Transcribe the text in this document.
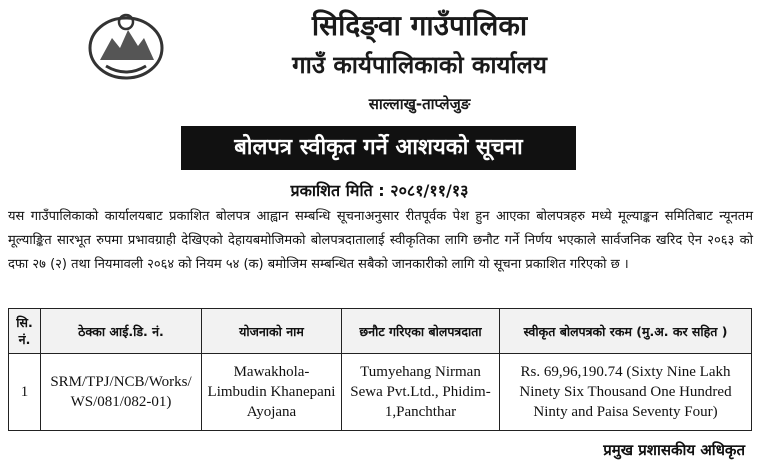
सिदिङ्वा गाउँपालिका
गाउँ कार्यपालिकाको कार्यालय
साल्लाखु-ताप्लेजुङ
बोलपत्र स्वीकृत गर्ने आशयको सूचना
प्रकाशित मिति : २०८१/११/१३
यस गाउँपालिकाको कार्यालयबाट प्रकाशित बोलपत्र आह्वान सम्बन्धि सूचनाअनुसार रीतपूर्वक पेश हुन आएका बोलपत्रहरु मध्ये मूल्याङ्कन समितिबाट न्यूनतम मूल्याङ्कित सारभूत रुपमा प्रभावग्राही देखिएको देहायबमोजिमको बोलपत्रदातालाई स्वीकृतिका लागि छनौट गर्ने निर्णय भएकाले सार्वजनिक खरिद ऐन २०६३ को दफा २७ (२) तथा नियमावली २०६४ को नियम ५४ (क) बमोजिम सम्बन्धित सबैको जानकारीको लागि यो सूचना प्रकाशित गरिएको छ ।
सि. नं.	ठेक्का आई.डि. नं.	योजनाको नाम	छनौट गरिएका बोलपत्रदाता	स्वीकृत बोलपत्रको रकम (मु.अ. कर सहित )
1	SRM/TPJ/NCB/Works/ WS/081/082-01)	Mawakhola- Limbudin Khanepani Ayojana	Tumyehang Nirman Sewa Pvt.Ltd., Phidim-1,Panchthar	Rs. 69,96,190.74 (Sixty Nine Lakh Ninety Six Thousand One Hundred Ninty and Paisa Seventy Four)
प्रमुख प्रशासकीय अधिकृत
